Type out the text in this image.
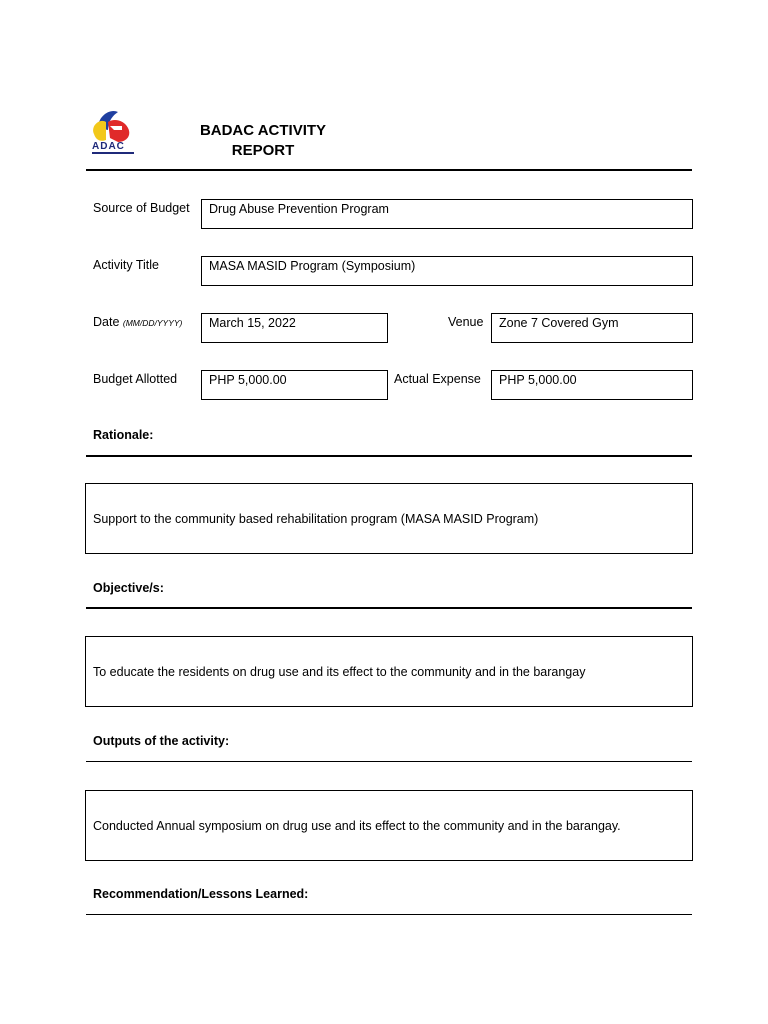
ADAC
BADAC ACTIVITY
REPORT
Source of Budget	Drug Abuse Prevention Program
Activity Title	MASA MASID Program (Symposium)
Date (MM/DD/YYYY)	March 15, 2022	Venue	Zone 7 Covered Gym
Budget Allotted	PHP 5,000.00	Actual Expense	PHP 5,000.00
Rationale:
Support to the community based rehabilitation program (MASA MASID Program)
Objective/s:
To educate the residents on drug use and its effect to the community and in the barangay
Outputs of the activity:
Conducted Annual symposium on drug use and its effect to the community and in the barangay.
Recommendation/Lessons Learned:
